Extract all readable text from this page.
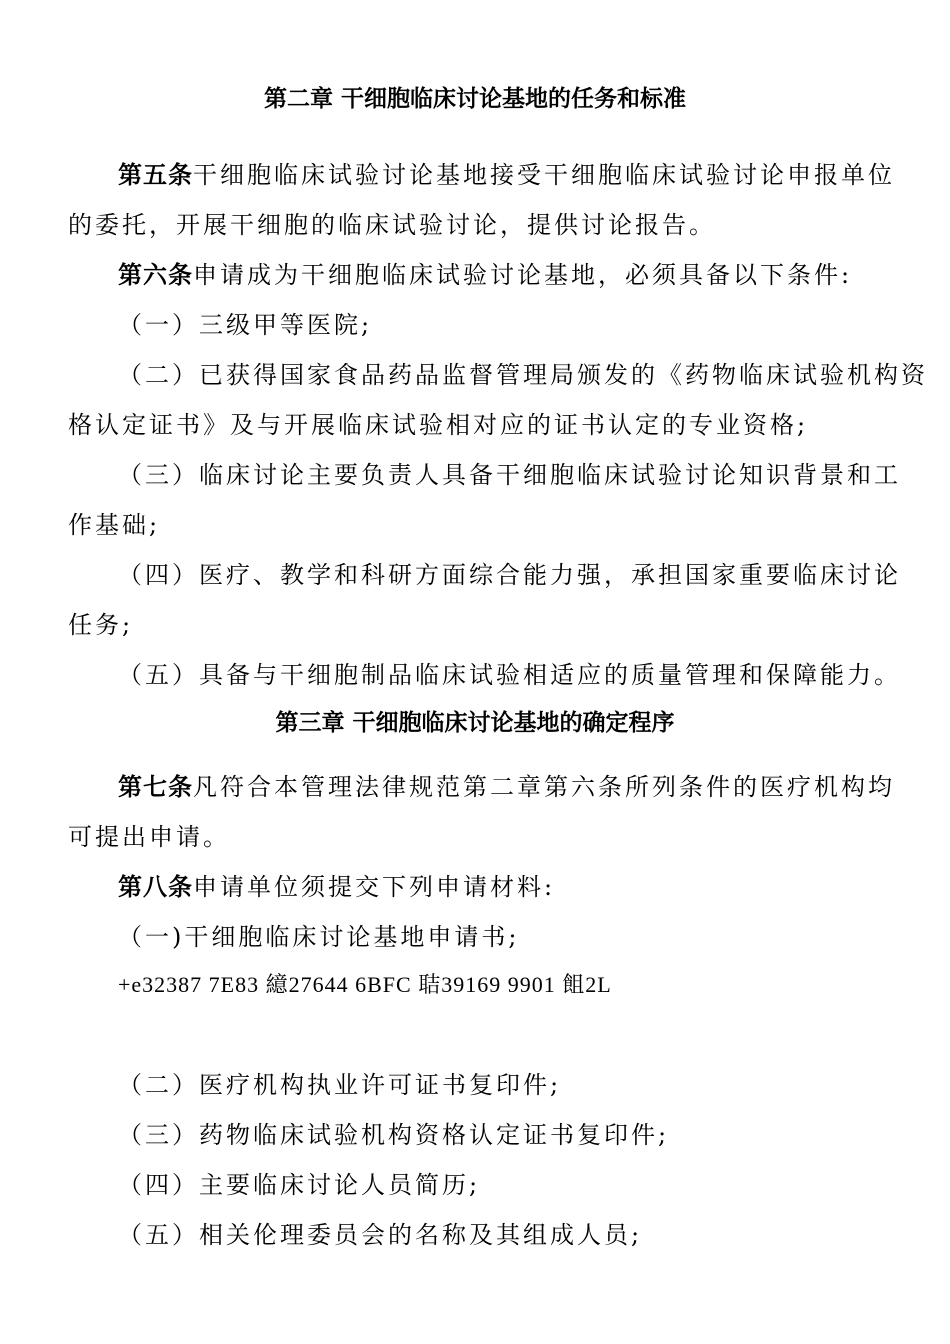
第二章 干细胞临床讨论基地的任务和标准
第五条干细胞临床试验讨论基地接受干细胞临床试验讨论申报单位
的委托，开展干细胞的临床试验讨论，提供讨论报告。
第六条申请成为干细胞临床试验讨论基地，必须具备以下条件:
（一）三级甲等医院;
（二）已获得国家食品药品监督管理局颁发的《药物临床试验机构资
格认定证书》及与开展临床试验相对应的证书认定的专业资格;
（三）临床讨论主要负责人具备干细胞临床试验讨论知识背景和工
作基础;
（四）医疗、教学和科研方面综合能力强，承担国家重要临床讨论
任务;
（五）具备与干细胞制品临床试验相适应的质量管理和保障能力。
第三章 干细胞临床讨论基地的确定程序
第七条凡符合本管理法律规范第二章第六条所列条件的医疗机构均
可提出申请。
第八条申请单位须提交下列申请材料:
（一)干细胞临床讨论基地申请书;
+e32387 7E83 繶27644 6BFC 聐39169 9901 飷2L
（二）医疗机构执业许可证书复印件;
（三）药物临床试验机构资格认定证书复印件;
（四）主要临床讨论人员简历;
（五）相关伦理委员会的名称及其组成人员;
